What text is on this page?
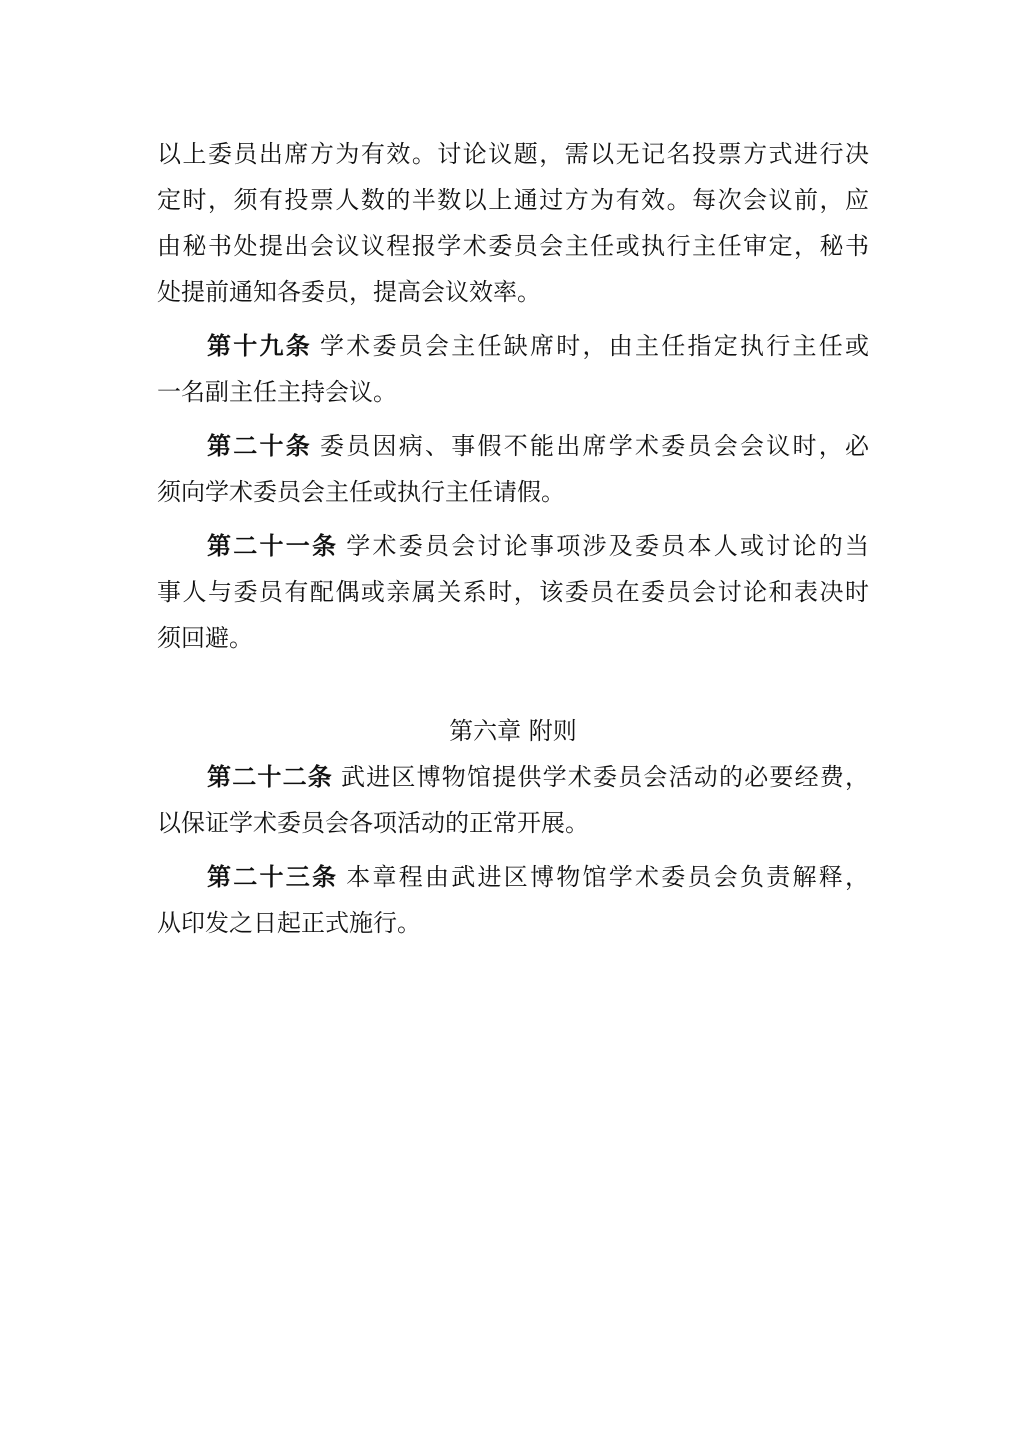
以上委员出席方为有效。讨论议题，需以无记名投票方式进行决
定时，须有投票人数的半数以上通过方为有效。每次会议前，应
由秘书处提出会议议程报学术委员会主任或执行主任审定，秘书
处提前通知各委员，提高会议效率。
第十九条 学术委员会主任缺席时，由主任指定执行主任或
一名副主任主持会议。
第二十条 委员因病、事假不能出席学术委员会会议时，必
须向学术委员会主任或执行主任请假。
第二十一条 学术委员会讨论事项涉及委员本人或讨论的当
事人与委员有配偶或亲属关系时，该委员在委员会讨论和表决时
须回避。
第六章 附则
第二十二条 武进区博物馆提供学术委员会活动的必要经费，
以保证学术委员会各项活动的正常开展。
第二十三条 本章程由武进区博物馆学术委员会负责解释，
从印发之日起正式施行。
